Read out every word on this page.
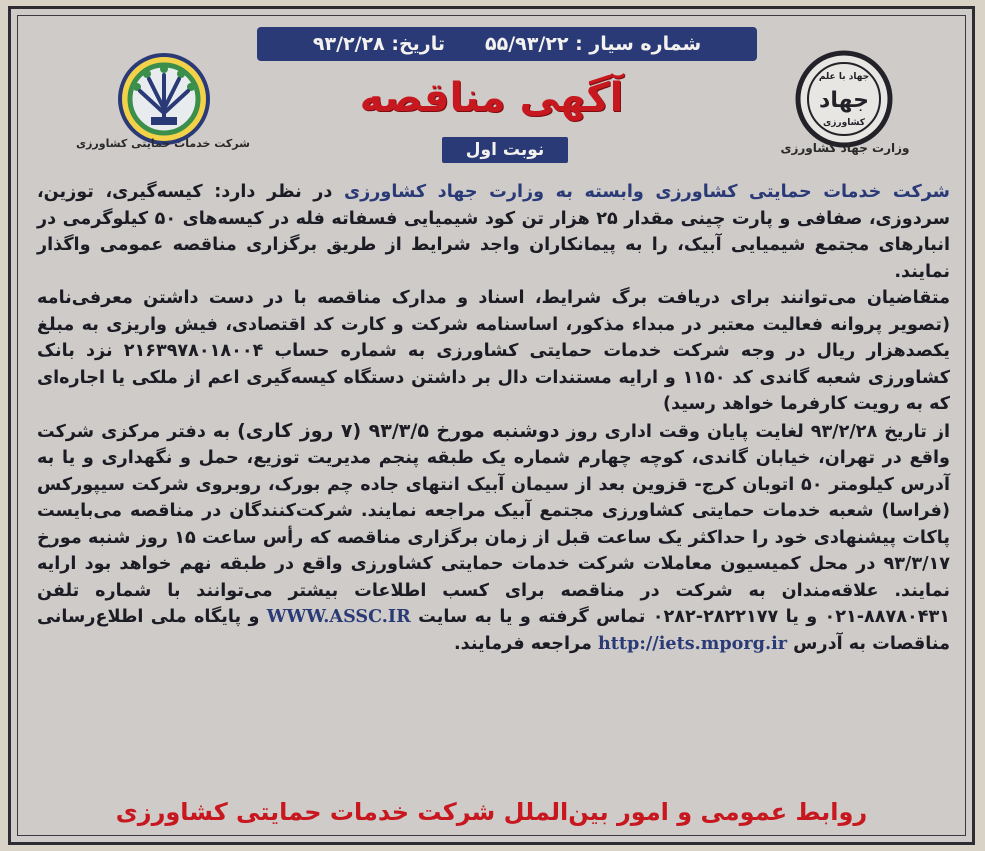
شماره سیار : ۵۵/۹۳/۲۲
تاریخ: ۹۳/۲/۲۸
شرکت خدمات حمایتی کشاورزی
جهاد با علم
جهاد
کشاورزی
وزارت جهاد کشاورزی
آگهی مناقصه
نوبت اول

شرکت خدمات حمایتی کشاورزی وابسته به وزارت جهاد کشاورزی در نظر دارد: کیسه‌گیری، توزین، سردوزی، صفافی و پارت چینی مقدار ۲۵ هزار تن کود شیمیایی فسفاته فله در کیسه‌های ۵۰ کیلوگرمی در انبارهای مجتمع شیمیایی آبیک، را به پیمانکاران واجد شرایط از طریق برگزاری مناقصه عمومی واگذار نمایند.

متقاضیان می‌توانند برای دریافت برگ شرایط، اسناد و مدارک مناقصه با در دست داشتن معرفی‌نامه (تصویر پروانه فعالیت معتبر در مبداء مذکور، اساسنامه شرکت و کارت کد اقتصادی، فیش واریزی به مبلغ یکصدهزار ریال در وجه شرکت خدمات حمایتی کشاورزی به شماره حساب ۲۱۶۳۹۷۸۰۱۸۰۰۴ نزد بانک کشاورزی شعبه گاندی کد ۱۱۵۰ و ارایه مستندات دال بر داشتن دستگاه کیسه‌گیری اعم از ملکی یا اجاره‌ای که به رویت کارفرما خواهد رسید)

از تاریخ ۹۳/۲/۲۸ لغایت پایان وقت اداری روز دوشنبه مورخ ۹۳/۳/۵ (۷ روز کاری) به دفتر مرکزی شرکت واقع در تهران، خیابان گاندی، کوچه چهارم شماره یک طبقه پنجم مدیریت توزیع، حمل و نگهداری و یا به آدرس کیلومتر ۵۰ اتوبان کرج- قزوین بعد از سیمان آبیک انتهای جاده چم بورک، روبروی شرکت سیپورکس (فراسا) شعبه خدمات حمایتی کشاورزی مجتمع آبیک مراجعه نمایند. شرکت‌کنندگان در مناقصه می‌بایست پاکات پیشنهادی خود را حداکثر یک ساعت قبل از زمان برگزاری مناقصه که رأس ساعت ۱۵ روز شنبه مورخ ۹۳/۳/۱۷ در محل کمیسیون معاملات شرکت خدمات حمایتی کشاورزی واقع در طبقه نهم خواهد بود ارایه نمایند. علاقه‌مندان به شرکت در مناقصه برای کسب اطلاعات بیشتر می‌توانند با شماره تلفن ۸۸۷۸۰۴۳۱-۰۲۱ و یا ۲۸۲۲۱۷۷-۰۲۸۲ تماس گرفته و یا به سایت WWW.ASSC.IR و پایگاه ملی اطلاع‌رسانی مناقصات به آدرس http://iets.mporg.ir مراجعه فرمایند.

روابط عمومی و امور بین‌الملل شرکت خدمات حمایتی کشاورزی
